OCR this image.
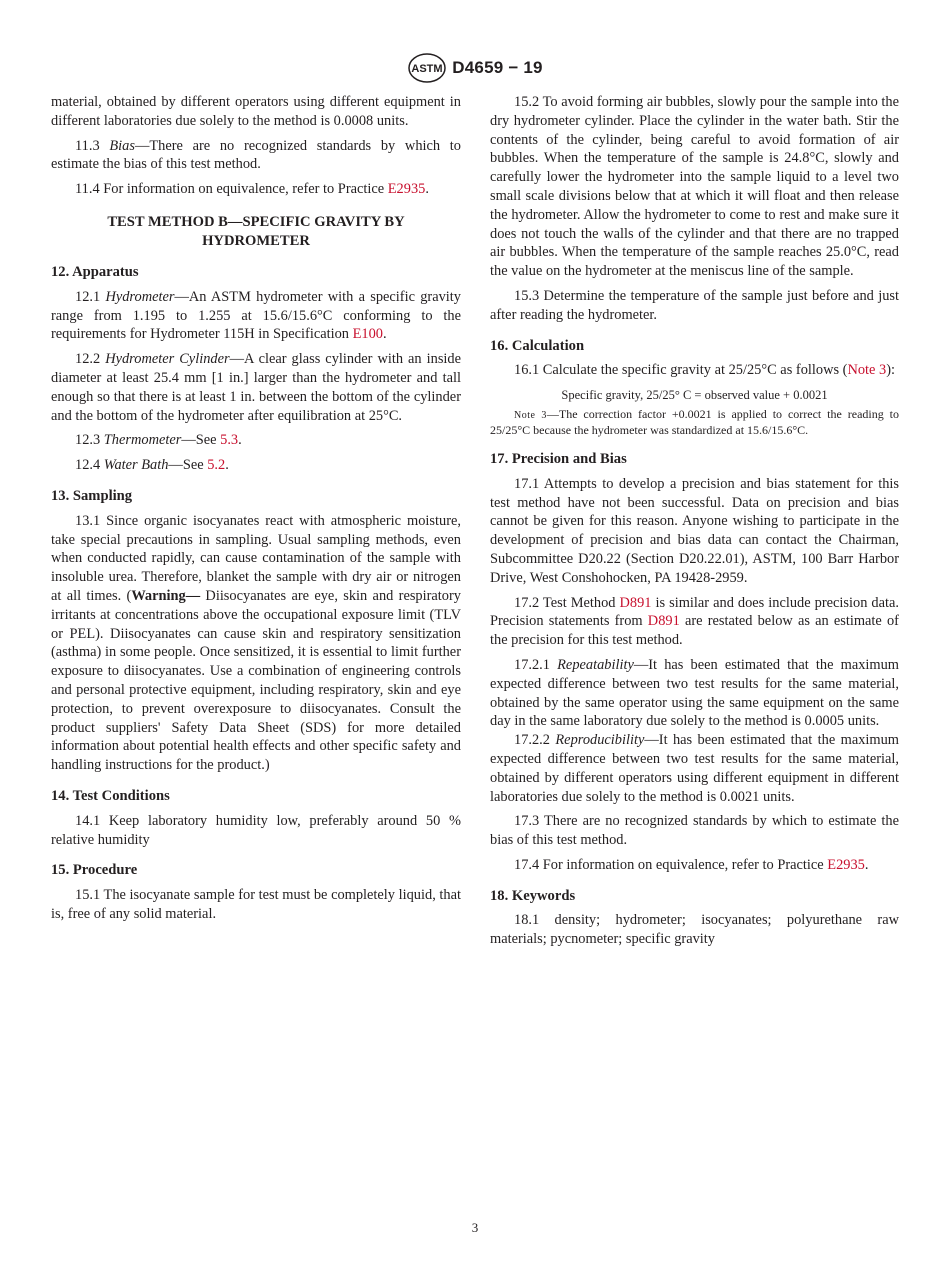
ASTM D4659 − 19

material, obtained by different operators using different equipment in different laboratories due solely to the method is 0.0008 units.

11.3 Bias—There are no recognized standards by which to estimate the bias of this test method.

11.4 For information on equivalence, refer to Practice E2935.

TEST METHOD B—SPECIFIC GRAVITY BY HYDROMETER
12. Apparatus

12.1 Hydrometer—An ASTM hydrometer with a specific gravity range from 1.195 to 1.255 at 15.6/15.6°C conforming to the requirements for Hydrometer 115H in Specification E100.

12.2 Hydrometer Cylinder—A clear glass cylinder with an inside diameter at least 25.4 mm [1 in.] larger than the hydrometer and tall enough so that there is at least 1 in. between the bottom of the cylinder and the bottom of the hydrometer after equilibration at 25°C.

12.3 Thermometer—See 5.3.

12.4 Water Bath—See 5.2.

13. Sampling

13.1 Since organic isocyanates react with atmospheric moisture, take special precautions in sampling. Usual sampling methods, even when conducted rapidly, can cause contamination of the sample with insoluble urea. Therefore, blanket the sample with dry air or nitrogen at all times. (Warning— Diisocyanates are eye, skin and respiratory irritants at concentrations above the occupational exposure limit (TLV or PEL). Diisocyanates can cause skin and respiratory sensitization (asthma) in some people. Once sensitized, it is essential to limit further exposure to diisocyanates. Use a combination of engineering controls and personal protective equipment, including respiratory, skin and eye protection, to prevent overexposure to diisocyanates. Consult the product suppliers' Safety Data Sheet (SDS) for more detailed information about potential health effects and other specific safety and handling instructions for the product.)

14. Test Conditions

14.1 Keep laboratory humidity low, preferably around 50 % relative humidity

15. Procedure

15.1 The isocyanate sample for test must be completely liquid, that is, free of any solid material.

15.2 To avoid forming air bubbles, slowly pour the sample into the dry hydrometer cylinder. Place the cylinder in the water bath. Stir the contents of the cylinder, being careful to avoid formation of air bubbles. When the temperature of the sample is 24.8°C, slowly and carefully lower the hydrometer into the sample liquid to a level two small scale divisions below that at which it will float and then release the hydrometer. Allow the hydrometer to come to rest and make sure it does not touch the walls of the cylinder and that there are no trapped air bubbles. When the temperature of the sample reaches 25.0°C, read the value on the hydrometer at the meniscus line of the sample.

15.3 Determine the temperature of the sample just before and just after reading the hydrometer.

16. Calculation

16.1 Calculate the specific gravity at 25/25°C as follows (Note 3):

Specific gravity, 25/25° C = observed value + 0.0021
Note 3—The correction factor +0.0021 is applied to correct the reading to 25/25°C because the hydrometer was standardized at 15.6/15.6°C.
17. Precision and Bias

17.1 Attempts to develop a precision and bias statement for this test method have not been successful. Data on precision and bias cannot be given for this reason. Anyone wishing to participate in the development of precision and bias data can contact the Chairman, Subcommittee D20.22 (Section D20.22.01), ASTM, 100 Barr Harbor Drive, West Conshohocken, PA 19428-2959.

17.2 Test Method D891 is similar and does include precision data. Precision statements from D891 are restated below as an estimate of the precision for this test method.

17.2.1 Repeatability—It has been estimated that the maximum expected difference between two test results for the same material, obtained by the same operator using the same equipment on the same day in the same laboratory due solely to the method is 0.0005 units.

17.2.2 Reproducibility—It has been estimated that the maximum expected difference between two test results for the same material, obtained by different operators using different equipment in different laboratories due solely to the method is 0.0021 units.

17.3 There are no recognized standards by which to estimate the bias of this test method.

17.4 For information on equivalence, refer to Practice E2935.

18. Keywords

18.1 density; hydrometer; isocyanates; polyurethane raw materials; pycnometer; specific gravity

3
